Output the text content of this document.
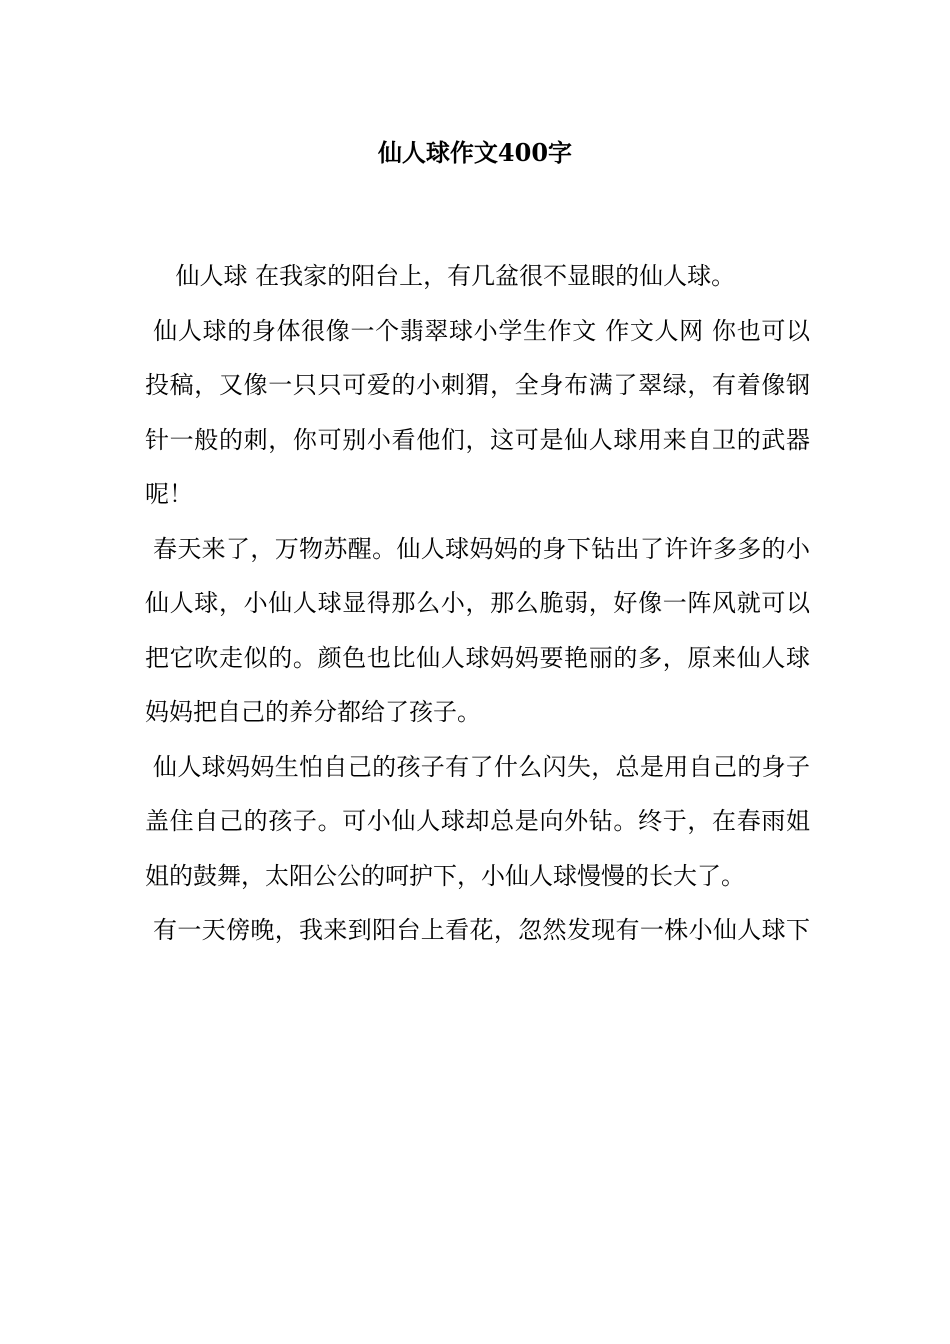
仙人球作文400字

仙人球 在我家的阳台上，有几盆很不显眼的仙人球。

仙人球的身体很像一个翡翠球小学生作文 作文人网 你也可以

投稿，又像一只只可爱的小刺猬，全身布满了翠绿，有着像钢

针一般的刺，你可别小看他们，这可是仙人球用来自卫的武器

呢！

春天来了，万物苏醒。仙人球妈妈的身下钻出了许许多多的小

仙人球，小仙人球显得那么小，那么脆弱，好像一阵风就可以

把它吹走似的。颜色也比仙人球妈妈要艳丽的多，原来仙人球

妈妈把自己的养分都给了孩子。

仙人球妈妈生怕自己的孩子有了什么闪失，总是用自己的身子

盖住自己的孩子。可小仙人球却总是向外钻。终于，在春雨姐

姐的鼓舞，太阳公公的呵护下，小仙人球慢慢的长大了。

有一天傍晚，我来到阳台上看花，忽然发现有一株小仙人球下
